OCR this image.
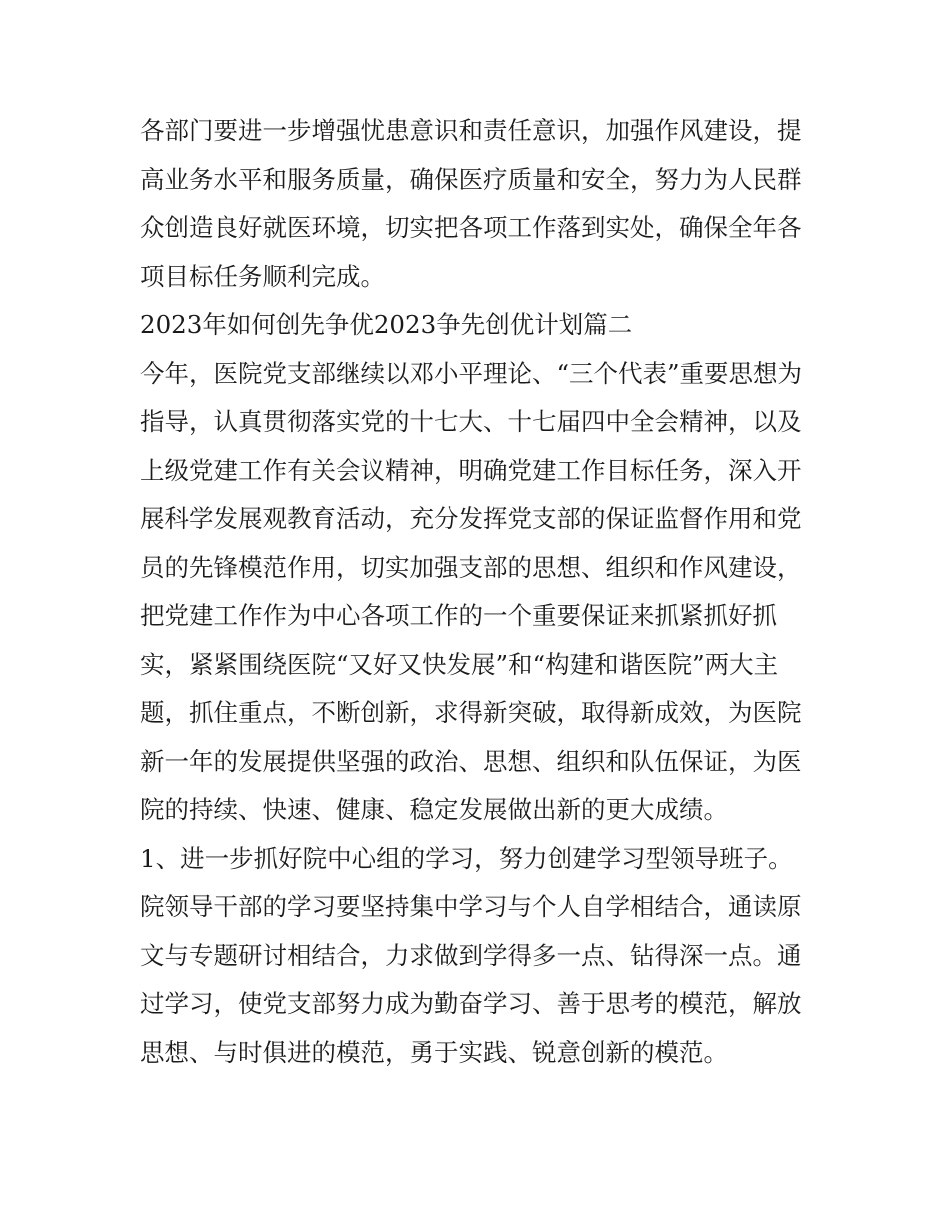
各部门要进一步增强忧患意识和责任意识，加强作风建设，提
高业务水平和服务质量，确保医疗质量和安全，努力为人民群
众创造良好就医环境，切实把各项工作落到实处，确保全年各
项目标任务顺利完成。
2023年如何创先争优2023争先创优计划篇二
今年，医院党支部继续以邓小平理论、“三个代表”重要思想为
指导，认真贯彻落实党的十七大、十七届四中全会精神，以及
上级党建工作有关会议精神，明确党建工作目标任务，深入开
展科学发展观教育活动，充分发挥党支部的保证监督作用和党
员的先锋模范作用，切实加强支部的思想、组织和作风建设，
把党建工作作为中心各项工作的一个重要保证来抓紧抓好抓
实，紧紧围绕医院“又好又快发展”和“构建和谐医院”两大主
题，抓住重点，不断创新，求得新突破，取得新成效，为医院
新一年的发展提供坚强的政治、思想、组织和队伍保证，为医
院的持续、快速、健康、稳定发展做出新的更大成绩。
1、进一步抓好院中心组的学习，努力创建学习型领导班子。
院领导干部的学习要坚持集中学习与个人自学相结合，通读原
文与专题研讨相结合，力求做到学得多一点、钻得深一点。通
过学习，使党支部努力成为勤奋学习、善于思考的模范，解放
思想、与时俱进的模范，勇于实践、锐意创新的模范。
